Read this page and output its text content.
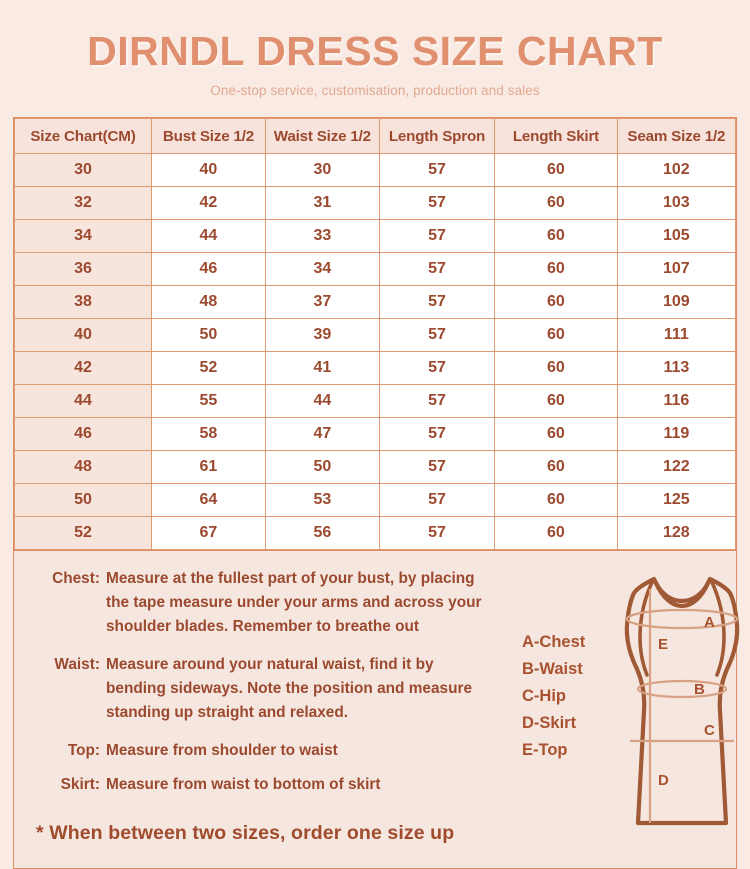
DIRNDL DRESS SIZE CHART
One-stop service, customisation, production and sales
Size Chart(CM)	Bust Size 1/2	Waist Size 1/2	Length Spron	Length Skirt	Seam Size 1/2
30	40	30	57	60	102
32	42	31	57	60	103
34	44	33	57	60	105
36	46	34	57	60	107
38	48	37	57	60	109
40	50	39	57	60	111
42	52	41	57	60	113
44	55	44	57	60	116
46	58	47	57	60	119
48	61	50	57	60	122
50	64	53	57	60	125
52	67	56	57	60	128
Chest: Measure at the fullest part of your bust, by placing
the tape measure under your arms and across your
shoulder blades. Remember to breathe out
Waist: Measure around your natural waist, find it by
bending sideways. Note the position and measure
standing up straight and relaxed.
Top: Measure from shoulder to waist
Skirt: Measure from waist to bottom of skirt
* When between two sizes, order one size up
A-Chest
B-Waist
C-Hip
D-Skirt
E-Top
A
B
C
D
E
